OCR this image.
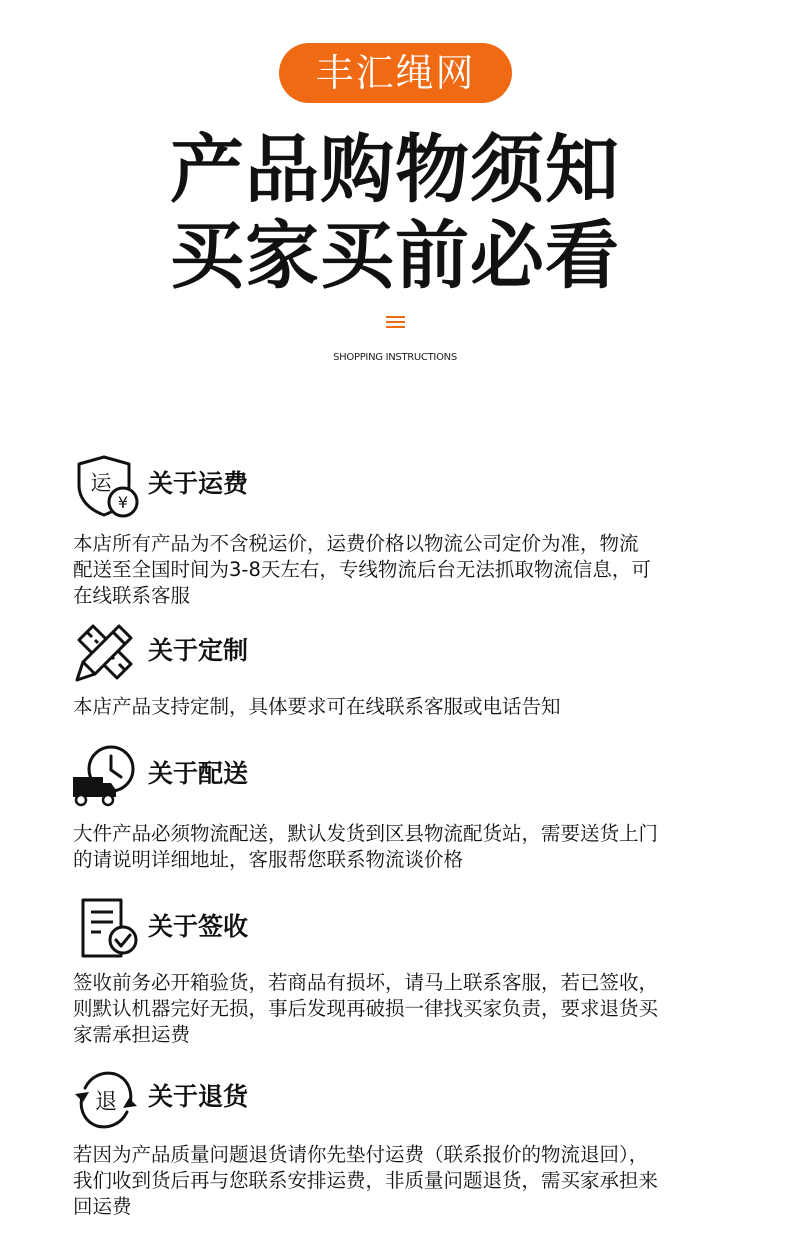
丰汇绳网
产品购物须知
买家买前必看
SHOPPING INSTRUCTIONS
运
¥
关于运费

本店所有产品为不含税运价，运费价格以物流公司定价为准，物流
配送至全国时间为3-8天左右，专线物流后台无法抓取物流信息，可
在线联系客服

关于定制

本店产品支持定制，具体要求可在线联系客服或电话告知

关于配送

大件产品必须物流配送，默认发货到区县物流配货站，需要送货上门
的请说明详细地址，客服帮您联系物流谈价格

关于签收

签收前务必开箱验货，若商品有损坏，请马上联系客服，若已签收，
则默认机器完好无损，事后发现再破损一律找买家负责，要求退货买
家需承担运费

退 关于退货

若因为产品质量问题退货请你先垫付运费（联系报价的物流退回），
我们收到货后再与您联系安排运费，非质量问题退货，需买家承担来
回运费
